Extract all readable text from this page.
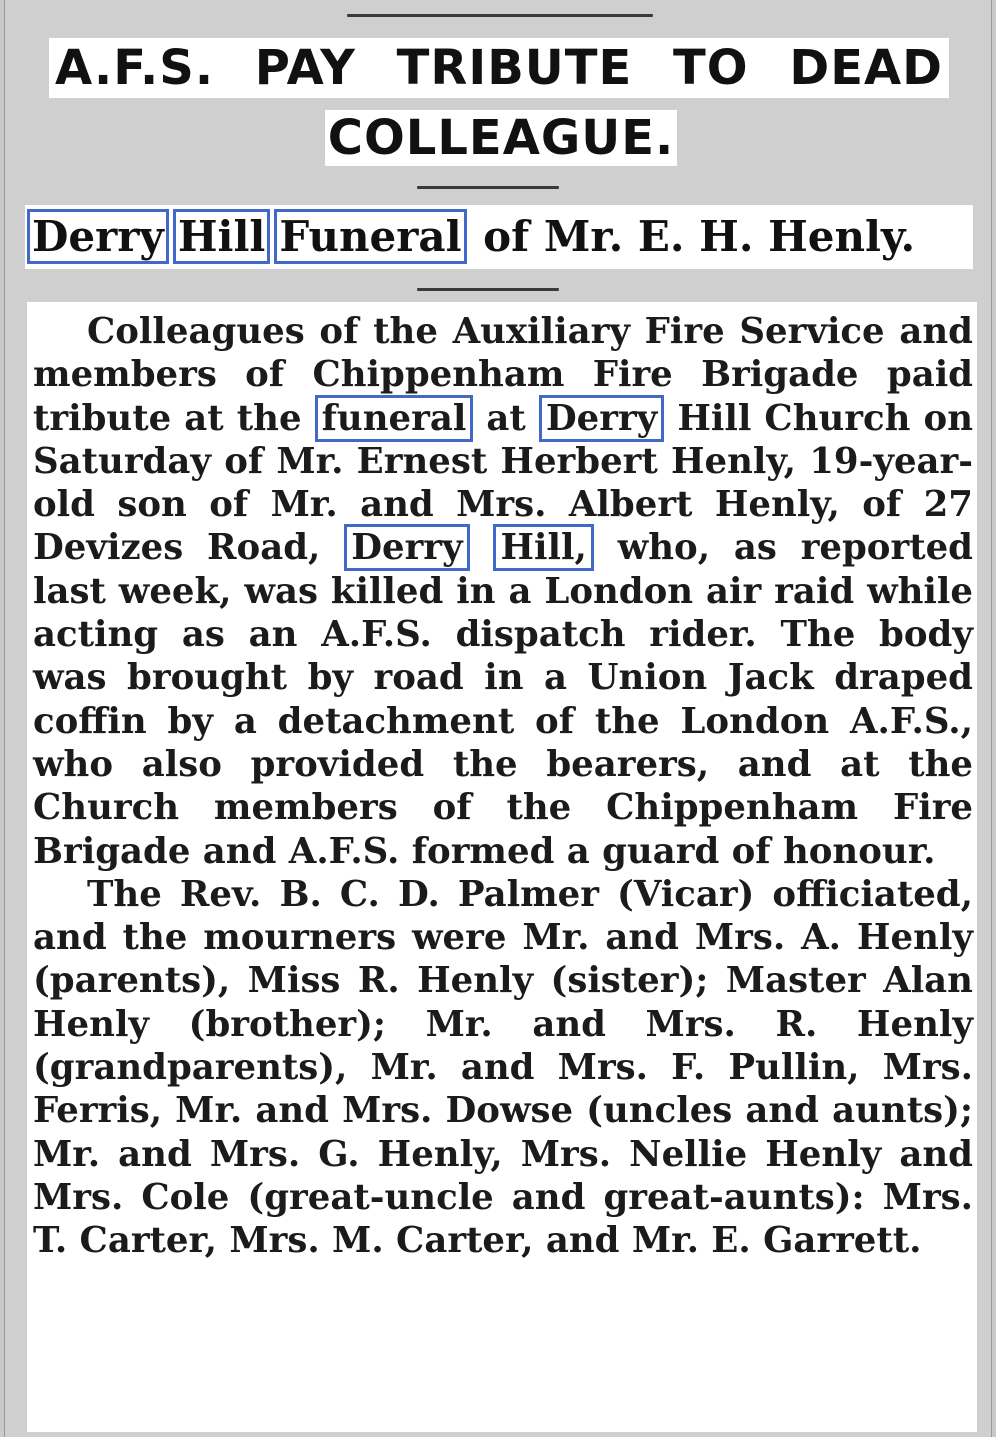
A.F.S. PAY TRIBUTE TO DEAD
COLLEAGUE.
Derry Hill Funeral of Mr. E. H. Henly.

Colleagues of the Auxiliary Fire Service and members of Chippenham Fire Brigade paid tribute at the funeral at Derry Hill Church on Saturday of Mr. Ernest Herbert Henly, 19-year-old son of Mr. and Mrs. Albert Henly, of 27 Devizes Road, Derry Hill, who, as reported last week, was killed in a London air raid while acting as an A.F.S. dispatch rider. The body was brought by road in a Union Jack draped coffin by a detachment of the London A.F.S., who also provided the bearers, and at the Church members of the Chippenham Fire Brigade and A.F.S. formed a guard of honour.

The Rev. B. C. D. Palmer (Vicar) officiated, and the mourners were Mr. and Mrs. A. Henly (parents), Miss R. Henly (sister); Master Alan Henly (brother); Mr. and Mrs. R. Henly (grandparents), Mr. and Mrs. F. Pullin, Mrs. Ferris, Mr. and Mrs. Dowse (uncles and aunts); Mr. and Mrs. G. Henly, Mrs. Nellie Henly and Mrs. Cole (great-uncle and great-aunts): Mrs. T. Carter, Mrs. M. Carter, and Mr. E. Garrett.
